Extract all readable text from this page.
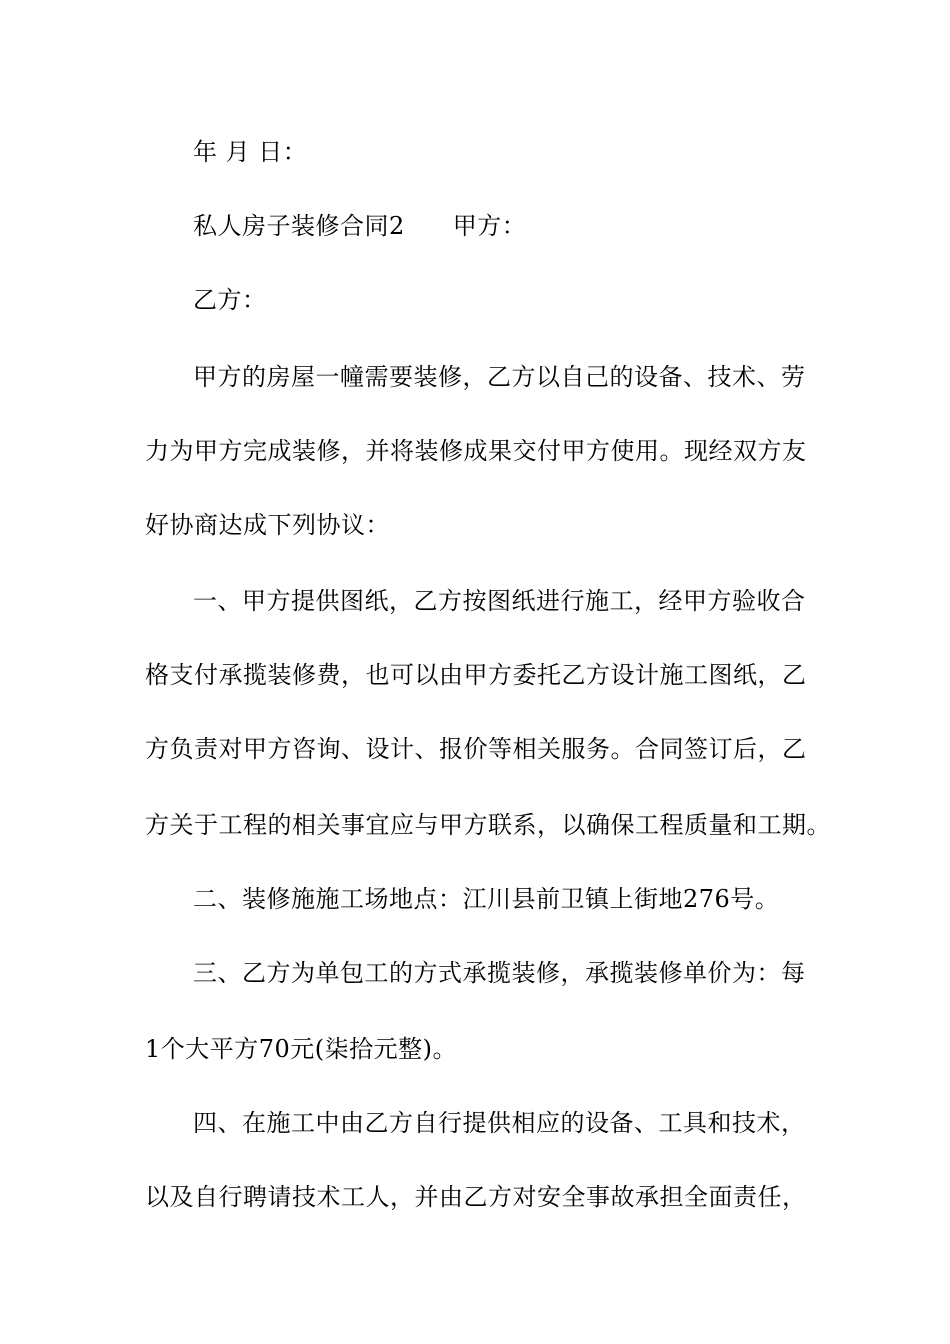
年 月 日：
私人房子装修合同2 甲方：
乙方：
甲方的房屋一幢需要装修，乙方以自己的设备、技术、劳
力为甲方完成装修，并将装修成果交付甲方使用。现经双方友
好协商达成下列协议：
一、甲方提供图纸，乙方按图纸进行施工，经甲方验收合
格支付承揽装修费，也可以由甲方委托乙方设计施工图纸，乙
方负责对甲方咨询、设计、报价等相关服务。合同签订后，乙
方关于工程的相关事宜应与甲方联系，以确保工程质量和工期。
二、装修施施工场地点：江川县前卫镇上街地276号。
三、乙方为单包工的方式承揽装修，承揽装修单价为：每
1个大平方70元(柒拾元整)。
四、在施工中由乙方自行提供相应的设备、工具和技术，
以及自行聘请技术工人，并由乙方对安全事故承担全面责任，
